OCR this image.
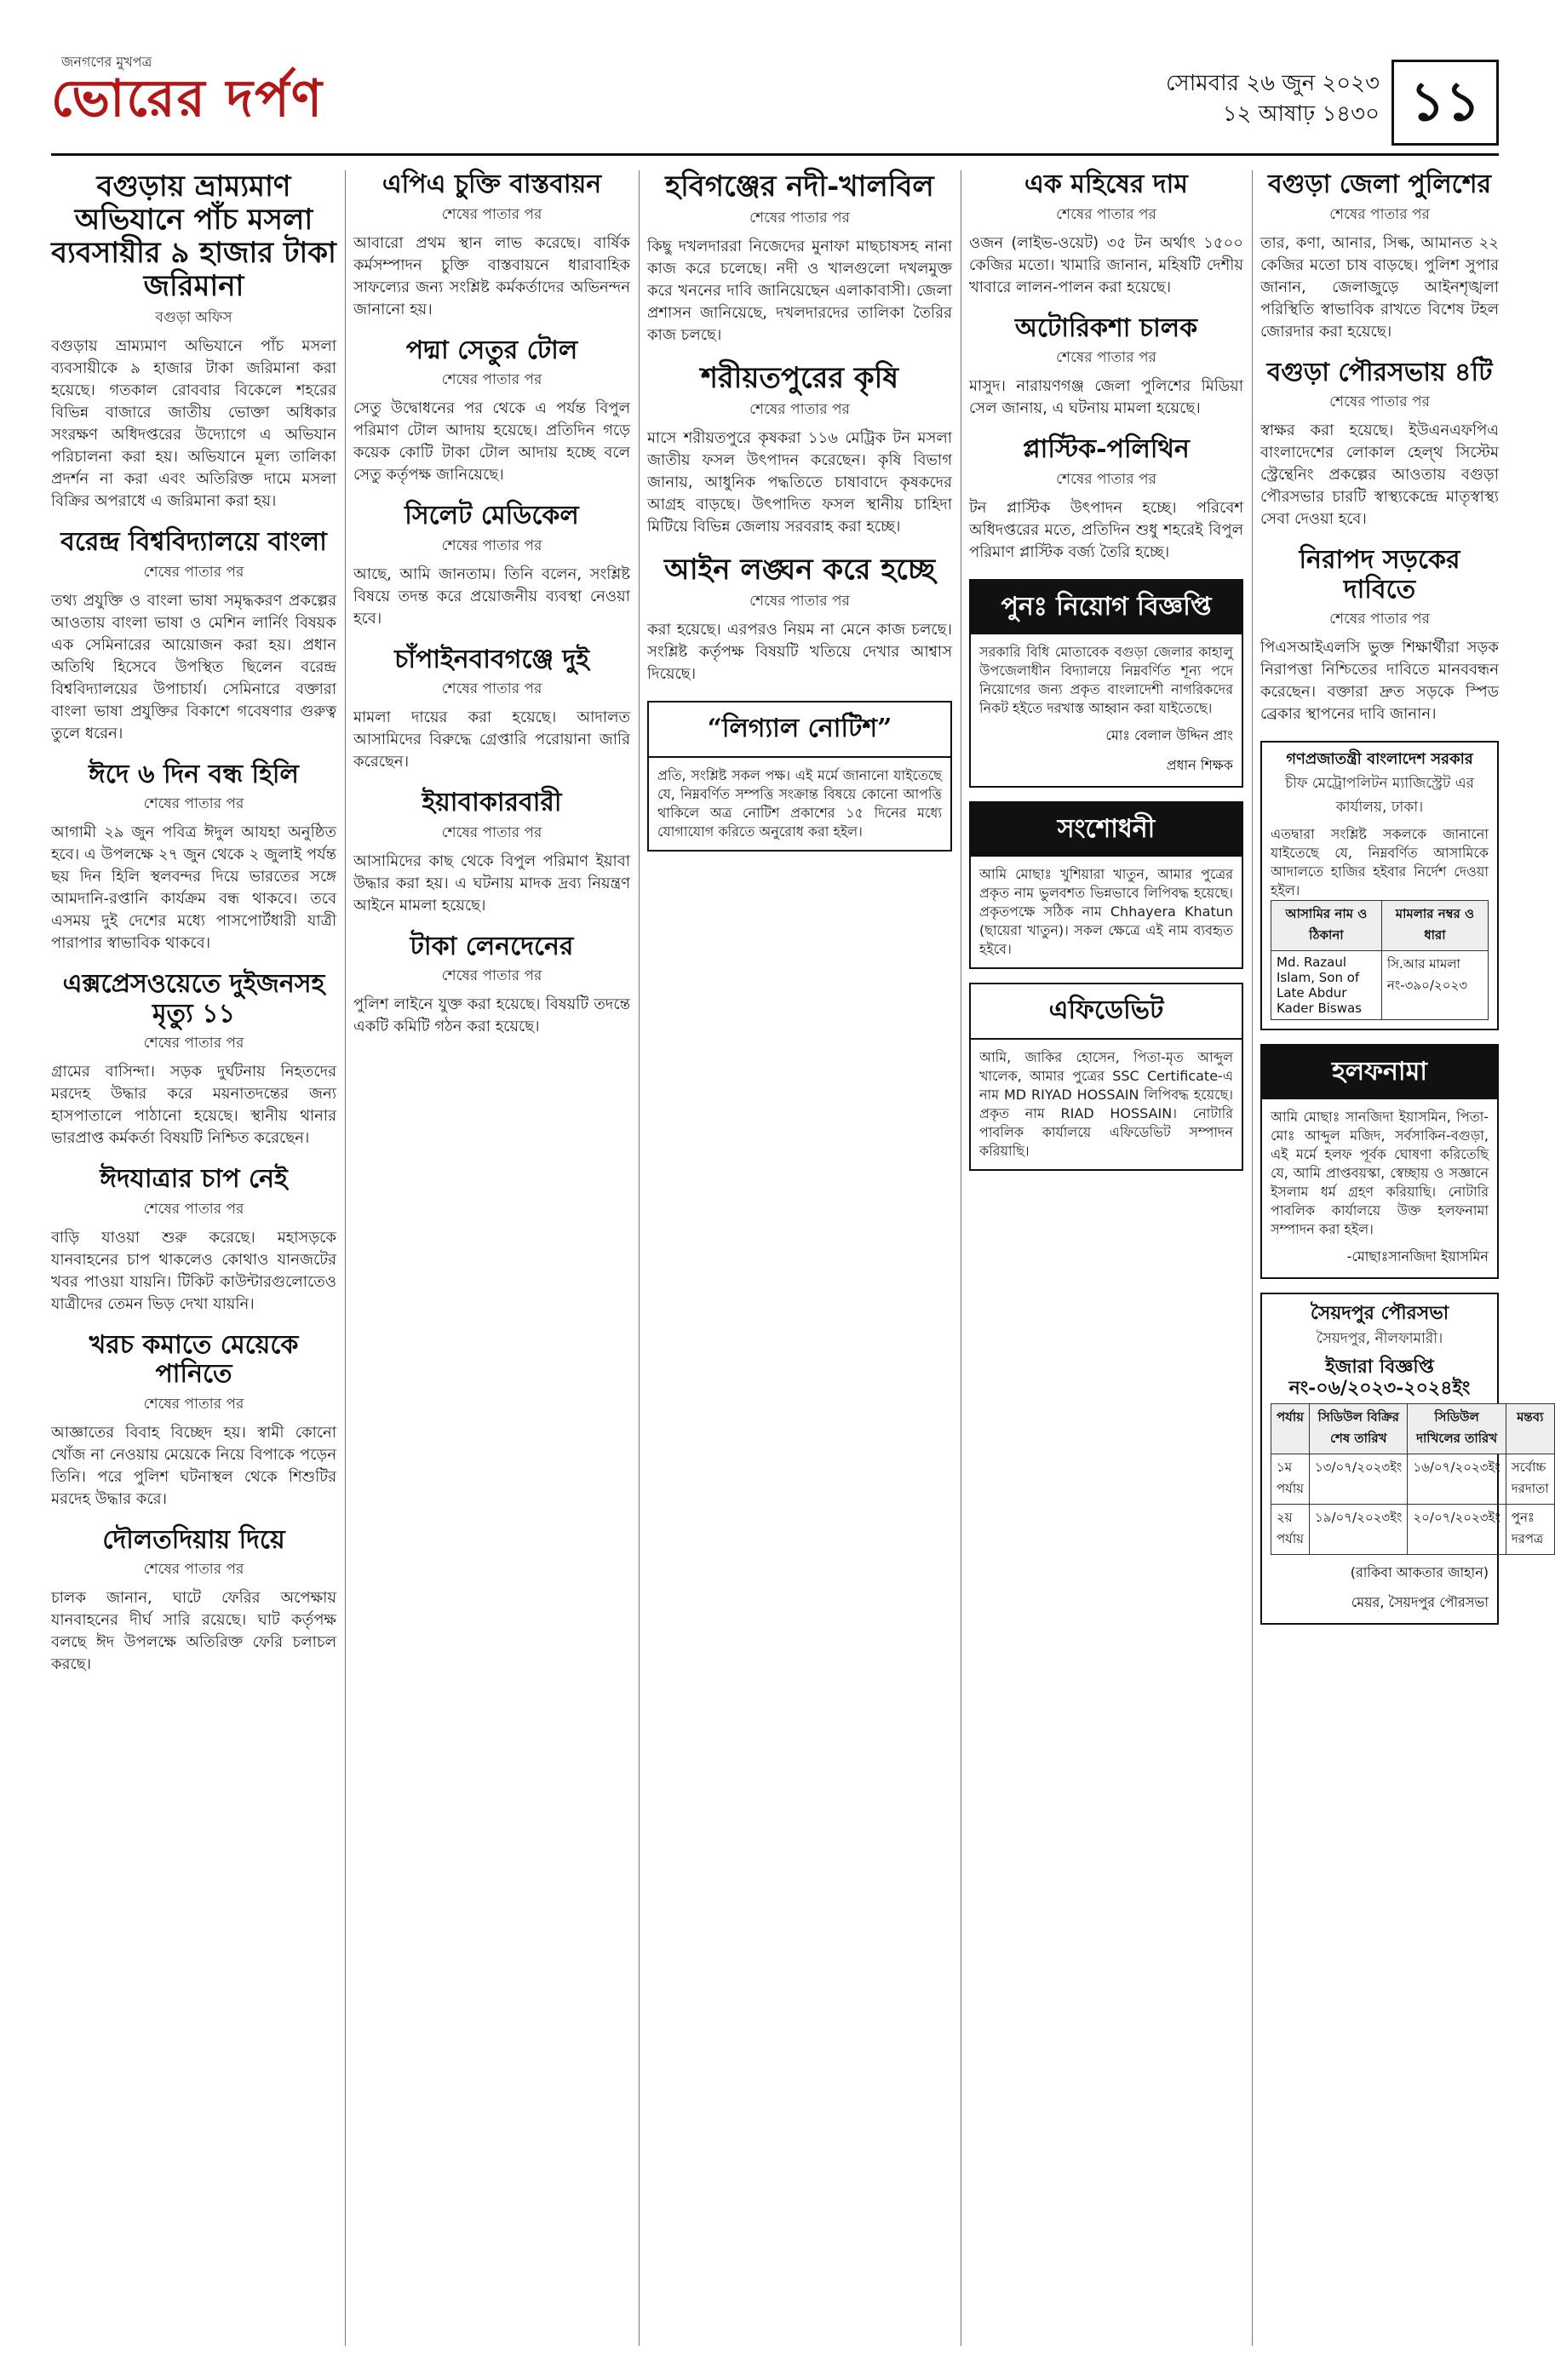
জনগণের মুখপত্র
ভোরের দর্পণ	সোমবার ২৬ জুন ২০২৩
১২ আষাঢ় ১৪৩০ ১১
বগুড়ায় ভ্রাম্যমাণ অভিযানে পাঁচ মসলা ব্যবসায়ীর ৯ হাজার টাকা জরিমানা
বগুড়া অফিস
বগুড়ায় ভ্রাম্যমাণ অভিযানে পাঁচ মসলা ব্যবসায়ীকে ৯ হাজার টাকা জরিমানা করা হয়েছে। গতকাল রোববার বিকেলে শহরের বিভিন্ন বাজারে জাতীয় ভোক্তা অধিকার সংরক্ষণ অধিদপ্তরের উদ্যোগে এ অভিযান পরিচালনা করা হয়। অভিযানে মূল্য তালিকা প্রদর্শন না করা এবং অতিরিক্ত দামে মসলা বিক্রির অপরাধে এ জরিমানা করা হয়।
বরেন্দ্র বিশ্ববিদ্যালয়ে বাংলা
শেষের পাতার পর
তথ্য প্রযুক্তি ও বাংলা ভাষা সমৃদ্ধকরণ প্রকল্পের আওতায় বাংলা ভাষা ও মেশিন লার্নিং বিষয়ক এক সেমিনারের আয়োজন করা হয়। প্রধান অতিথি হিসেবে উপস্থিত ছিলেন বরেন্দ্র বিশ্ববিদ্যালয়ের উপাচার্য। সেমিনারে বক্তারা বাংলা ভাষা প্রযুক্তির বিকাশে গবেষণার গুরুত্ব তুলে ধরেন।
ঈদে ৬ দিন বন্ধ হিলি
শেষের পাতার পর
আগামী ২৯ জুন পবিত্র ঈদুল আযহা অনুষ্ঠিত হবে। এ উপলক্ষে ২৭ জুন থেকে ২ জুলাই পর্যন্ত ছয় দিন হিলি স্থলবন্দর দিয়ে ভারতের সঙ্গে আমদানি-রপ্তানি কার্যক্রম বন্ধ থাকবে। তবে এসময় দুই দেশের মধ্যে পাসপোর্টধারী যাত্রী পারাপার স্বাভাবিক থাকবে।
এক্সপ্রেসওয়েতে দুইজনসহ মৃত্যু ১১
শেষের পাতার পর
গ্রামের বাসিন্দা। সড়ক দুর্ঘটনায় নিহতদের মরদেহ উদ্ধার করে ময়নাতদন্তের জন্য হাসপাতালে পাঠানো হয়েছে। স্থানীয় থানার ভারপ্রাপ্ত কর্মকর্তা বিষয়টি নিশ্চিত করেছেন।
ঈদযাত্রার চাপ নেই
শেষের পাতার পর
বাড়ি যাওয়া শুরু করেছে। মহাসড়কে যানবাহনের চাপ থাকলেও কোথাও যানজটের খবর পাওয়া যায়নি। টিকিট কাউন্টারগুলোতেও যাত্রীদের তেমন ভিড় দেখা যায়নি।
খরচ কমাতে মেয়েকে পানিতে
শেষের পাতার পর
আজ্ঞাতের বিবাহ বিচ্ছেদ হয়। স্বামী কোনো খোঁজ না নেওয়ায় মেয়েকে নিয়ে বিপাকে পড়েন তিনি। পরে পুলিশ ঘটনাস্থল থেকে শিশুটির মরদেহ উদ্ধার করে।
দৌলতদিয়ায় দিয়ে
শেষের পাতার পর
চালক জানান, ঘাটে ফেরির অপেক্ষায় যানবাহনের দীর্ঘ সারি রয়েছে। ঘাট কর্তৃপক্ষ বলছে ঈদ উপলক্ষে অতিরিক্ত ফেরি চলাচল করছে।
এপিএ চুক্তি বাস্তবায়ন
শেষের পাতার পর
আবারো প্রথম স্থান লাভ করেছে। বার্ষিক কর্মসম্পাদন চুক্তি বাস্তবায়নে ধারাবাহিক সাফল্যের জন্য সংশ্লিষ্ট কর্মকর্তাদের অভিনন্দন জানানো হয়।
পদ্মা সেতুর টোল
শেষের পাতার পর
সেতু উদ্বোধনের পর থেকে এ পর্যন্ত বিপুল পরিমাণ টোল আদায় হয়েছে। প্রতিদিন গড়ে কয়েক কোটি টাকা টোল আদায় হচ্ছে বলে সেতু কর্তৃপক্ষ জানিয়েছে।
সিলেট মেডিকেল
শেষের পাতার পর
আছে, আমি জানতাম। তিনি বলেন, সংশ্লিষ্ট বিষয়ে তদন্ত করে প্রয়োজনীয় ব্যবস্থা নেওয়া হবে।
চাঁপাইনবাবগঞ্জে দুই
শেষের পাতার পর
মামলা দায়ের করা হয়েছে। আদালত আসামিদের বিরুদ্ধে গ্রেপ্তারি পরোয়ানা জারি করেছেন।
ইয়াবাকারবারী
শেষের পাতার পর
আসামিদের কাছ থেকে বিপুল পরিমাণ ইয়াবা উদ্ধার করা হয়। এ ঘটনায় মাদক দ্রব্য নিয়ন্ত্রণ আইনে মামলা হয়েছে।
টাকা লেনদেনের
শেষের পাতার পর
পুলিশ লাইনে যুক্ত করা হয়েছে। বিষয়টি তদন্তে একটি কমিটি গঠন করা হয়েছে।
হবিগঞ্জের নদী-খালবিল
শেষের পাতার পর
কিছু দখলদাররা নিজেদের মুনাফা মাছচাষসহ নানা কাজ করে চলেছে। নদী ও খালগুলো দখলমুক্ত করে খননের দাবি জানিয়েছেন এলাকাবাসী। জেলা প্রশাসন জানিয়েছে, দখলদারদের তালিকা তৈরির কাজ চলছে।
শরীয়তপুরের কৃষি
শেষের পাতার পর
মাসে শরীয়তপুরে কৃষকরা ১১৬ মেট্রিক টন মসলা জাতীয় ফসল উৎপাদন করেছেন। কৃষি বিভাগ জানায়, আধুনিক পদ্ধতিতে চাষাবাদে কৃষকদের আগ্রহ বাড়ছে। উৎপাদিত ফসল স্থানীয় চাহিদা মিটিয়ে বিভিন্ন জেলায় সরবরাহ করা হচ্ছে।
আইন লঙ্ঘন করে হচ্ছে
শেষের পাতার পর
করা হয়েছে। এরপরও নিয়ম না মেনে কাজ চলছে। সংশ্লিষ্ট কর্তৃপক্ষ বিষয়টি খতিয়ে দেখার আশ্বাস দিয়েছে।
“লিগ্যাল নোটিশ”
প্রতি, সংশ্লিষ্ট সকল পক্ষ। এই মর্মে জানানো যাইতেছে যে, নিম্নবর্ণিত সম্পত্তি সংক্রান্ত বিষয়ে কোনো আপত্তি থাকিলে অত্র নোটিশ প্রকাশের ১৫ দিনের মধ্যে যোগাযোগ করিতে অনুরোধ করা হইল।
এক মহিষের দাম
শেষের পাতার পর
ওজন (লাইভ-ওয়েট) ৩৫ টন অর্থাৎ ১৫০০ কেজির মতো। খামারি জানান, মহিষটি দেশীয় খাবারে লালন-পালন করা হয়েছে।
অটোরিকশা চালক
শেষের পাতার পর
মাসুদ। নারায়ণগঞ্জ জেলা পুলিশের মিডিয়া সেল জানায়, এ ঘটনায় মামলা হয়েছে।
প্লাস্টিক-পলিথিন
শেষের পাতার পর
টন প্লাস্টিক উৎপাদন হচ্ছে। পরিবেশ অধিদপ্তরের মতে, প্রতিদিন শুধু শহরেই বিপুল পরিমাণ প্লাস্টিক বর্জ্য তৈরি হচ্ছে।
পুনঃ নিয়োগ বিজ্ঞপ্তি
সরকারি বিধি মোতাবেক বগুড়া জেলার কাহালু উপজেলাধীন বিদ্যালয়ে নিম্নবর্ণিত শূন্য পদে নিয়োগের জন্য প্রকৃত বাংলাদেশী নাগরিকদের নিকট হইতে দরখাস্ত আহ্বান করা যাইতেছে।
মোঃ বেলাল উদ্দিন প্রাং
প্রধান শিক্ষক
সংশোধনী
আমি মোছাঃ খুশিয়ারা খাতুন, আমার পুত্রের প্রকৃত নাম ভুলবশত ভিন্নভাবে লিপিবদ্ধ হয়েছে। প্রকৃতপক্ষে সঠিক নাম Chhayera Khatun (ছায়েরা খাতুন)। সকল ক্ষেত্রে এই নাম ব্যবহৃত হইবে।
এফিডেভিট
আমি, জাকির হোসেন, পিতা-মৃত আব্দুল খালেক, আমার পুত্রের SSC Certificate-এ নাম MD RIYAD HOSSAIN লিপিবদ্ধ হয়েছে। প্রকৃত নাম RIAD HOSSAIN। নোটারি পাবলিক কার্যালয়ে এফিডেভিট সম্পাদন করিয়াছি।
বগুড়া জেলা পুলিশের
শেষের পাতার পর
তার, কণা, আনার, সিল্ক, আমানত ২২ কেজির মতো চাষ বাড়ছে। পুলিশ সুপার জানান, জেলাজুড়ে আইনশৃঙ্খলা পরিস্থিতি স্বাভাবিক রাখতে বিশেষ টহল জোরদার করা হয়েছে।
বগুড়া পৌরসভায় ৪টি
শেষের পাতার পর
স্বাক্ষর করা হয়েছে। ইউএনএফপিএ বাংলাদেশের লোকাল হেল্থ সিস্টেম স্ট্রেন্থেনিং প্রকল্পের আওতায় বগুড়া পৌরসভার চারটি স্বাস্থ্যকেন্দ্রে মাতৃস্বাস্থ্য সেবা দেওয়া হবে।
নিরাপদ সড়কের দাবিতে
শেষের পাতার পর
পিএসআইএলসি ভুক্ত শিক্ষার্থীরা সড়ক নিরাপত্তা নিশ্চিতের দাবিতে মানববন্ধন করেছেন। বক্তারা দ্রুত সড়কে স্পিড ব্রেকার স্থাপনের দাবি জানান।
গণপ্রজাতন্ত্রী বাংলাদেশ সরকার
চীফ মেট্রোপলিটন ম্যাজিস্ট্রেট এর কার্যালয়, ঢাকা।
এতদ্বারা সংশ্লিষ্ট সকলকে জানানো যাইতেছে যে, নিম্নবর্ণিত আসামিকে আদালতে হাজির হইবার নির্দেশ দেওয়া হইল।
আসামির নাম ও ঠিকানা	মামলার নম্বর ও ধারা
Md. Razaul Islam, Son of Late Abdur Kader Biswas	সি.আর মামলা নং-৩৯০/২০২৩
হলফনামা
আমি মোছাঃ সানজিদা ইয়াসমিন, পিতা-মোঃ আব্দুল মজিদ, সর্বসাকিন-বগুড়া, এই মর্মে হলফ পূর্বক ঘোষণা করিতেছি যে, আমি প্রাপ্তবয়স্কা, স্বেচ্ছায় ও সজ্ঞানে ইসলাম ধর্ম গ্রহণ করিয়াছি। নোটারি পাবলিক কার্যালয়ে উক্ত হলফনামা সম্পাদন করা হইল।
-মোছাঃসানজিদা ইয়াসমিন
সৈয়দপুর পৌরসভা
সৈয়দপুর, নীলফামারী।
ইজারা বিজ্ঞপ্তি নং-০৬/২০২৩-২০২৪ইং
পর্যায়	সিডিউল বিক্রির শেষ তারিখ	সিডিউল দাখিলের তারিখ	মন্তব্য
১ম পর্যায়	১৩/০৭/২০২৩ইং	১৬/০৭/২০২৩ইং	সর্বোচ্চ দরদাতা
২য় পর্যায়	১৯/০৭/২০২৩ইং	২০/০৭/২০২৩ইং	পুনঃ দরপত্র
(রাকিবা আকতার জাহান)
মেয়র, সৈয়দপুর পৌরসভা
